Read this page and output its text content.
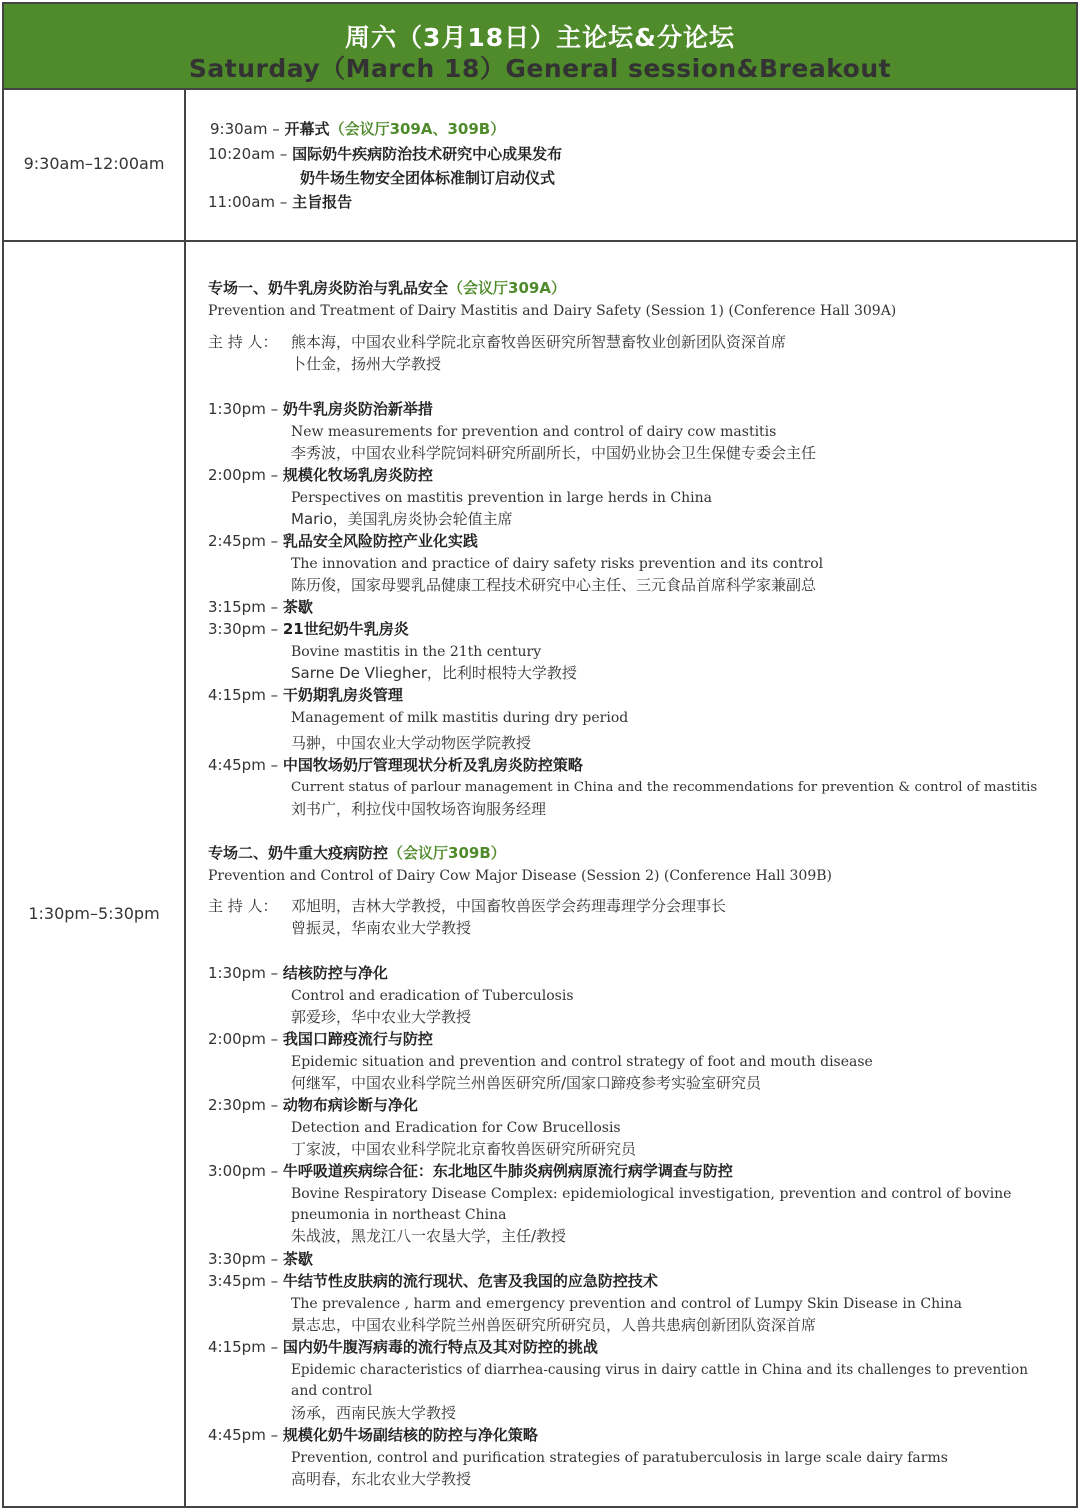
周六（3月18日）主论坛&分论坛
Saturday（March 18）General session&Breakout
9:30am–12:00am
1:30pm–5:30pm
9:30am – 开幕式（会议厅309A、309B）
10:20am – 国际奶牛疾病防治技术研究中心成果发布
奶牛场生物安全团体标准制订启动仪式
11:00am – 主旨报告
专场一、奶牛乳房炎防治与乳品安全（会议厅309A）
Prevention and Treatment of Dairy Mastitis and Dairy Safety (Session 1) (Conference Hall 309A)
主 持 人： 熊本海，中国农业科学院北京畜牧兽医研究所智慧畜牧业创新团队资深首席
卜仕金，扬州大学教授
1:30pm – 奶牛乳房炎防治新举措
New measurements for prevention and control of dairy cow mastitis
李秀波，中国农业科学院饲料研究所副所长，中国奶业协会卫生保健专委会主任
2:00pm – 规模化牧场乳房炎防控
Perspectives on mastitis prevention in large herds in China
Mario，美国乳房炎协会轮值主席
2:45pm – 乳品安全风险防控产业化实践
The innovation and practice of dairy safety risks prevention and its control
陈历俊，国家母婴乳品健康工程技术研究中心主任、三元食品首席科学家兼副总
3:15pm – 茶歇
3:30pm – 21世纪奶牛乳房炎
Bovine mastitis in the 21th century
Sarne De Vliegher，比利时根特大学教授
4:15pm – 干奶期乳房炎管理
Management of milk mastitis during dry period
马翀，中国农业大学动物医学院教授
4:45pm – 中国牧场奶厅管理现状分析及乳房炎防控策略
Current status of parlour management in China and the recommendations for prevention & control of mastitis
刘书广，利拉伐中国牧场咨询服务经理
专场二、奶牛重大疫病防控（会议厅309B）
Prevention and Control of Dairy Cow Major Disease (Session 2) (Conference Hall 309B)
主 持 人： 邓旭明，吉林大学教授，中国畜牧兽医学会药理毒理学分会理事长
曾振灵，华南农业大学教授
1:30pm – 结核防控与净化
Control and eradication of Tuberculosis
郭爱珍，华中农业大学教授
2:00pm – 我国口蹄疫流行与防控
Epidemic situation and prevention and control strategy of foot and mouth disease
何继军，中国农业科学院兰州兽医研究所/国家口蹄疫参考实验室研究员
2:30pm – 动物布病诊断与净化
Detection and Eradication for Cow Brucellosis
丁家波，中国农业科学院北京畜牧兽医研究所研究员
3:00pm – 牛呼吸道疾病综合征：东北地区牛肺炎病例病原流行病学调查与防控
Bovine Respiratory Disease Complex: epidemiological investigation, prevention and control of bovine
pneumonia in northeast China
朱战波，黑龙江八一农垦大学，主任/教授
3:30pm – 茶歇
3:45pm – 牛结节性皮肤病的流行现状、危害及我国的应急防控技术
The prevalence , harm and emergency prevention and control of Lumpy Skin Disease in China
景志忠，中国农业科学院兰州兽医研究所研究员，人兽共患病创新团队资深首席
4:15pm – 国内奶牛腹泻病毒的流行特点及其对防控的挑战
Epidemic characteristics of diarrhea-causing virus in dairy cattle in China and its challenges to prevention
and control
汤承，西南民族大学教授
4:45pm – 规模化奶牛场副结核的防控与净化策略
Prevention, control and purification strategies of paratuberculosis in large scale dairy farms
高明春，东北农业大学教授
